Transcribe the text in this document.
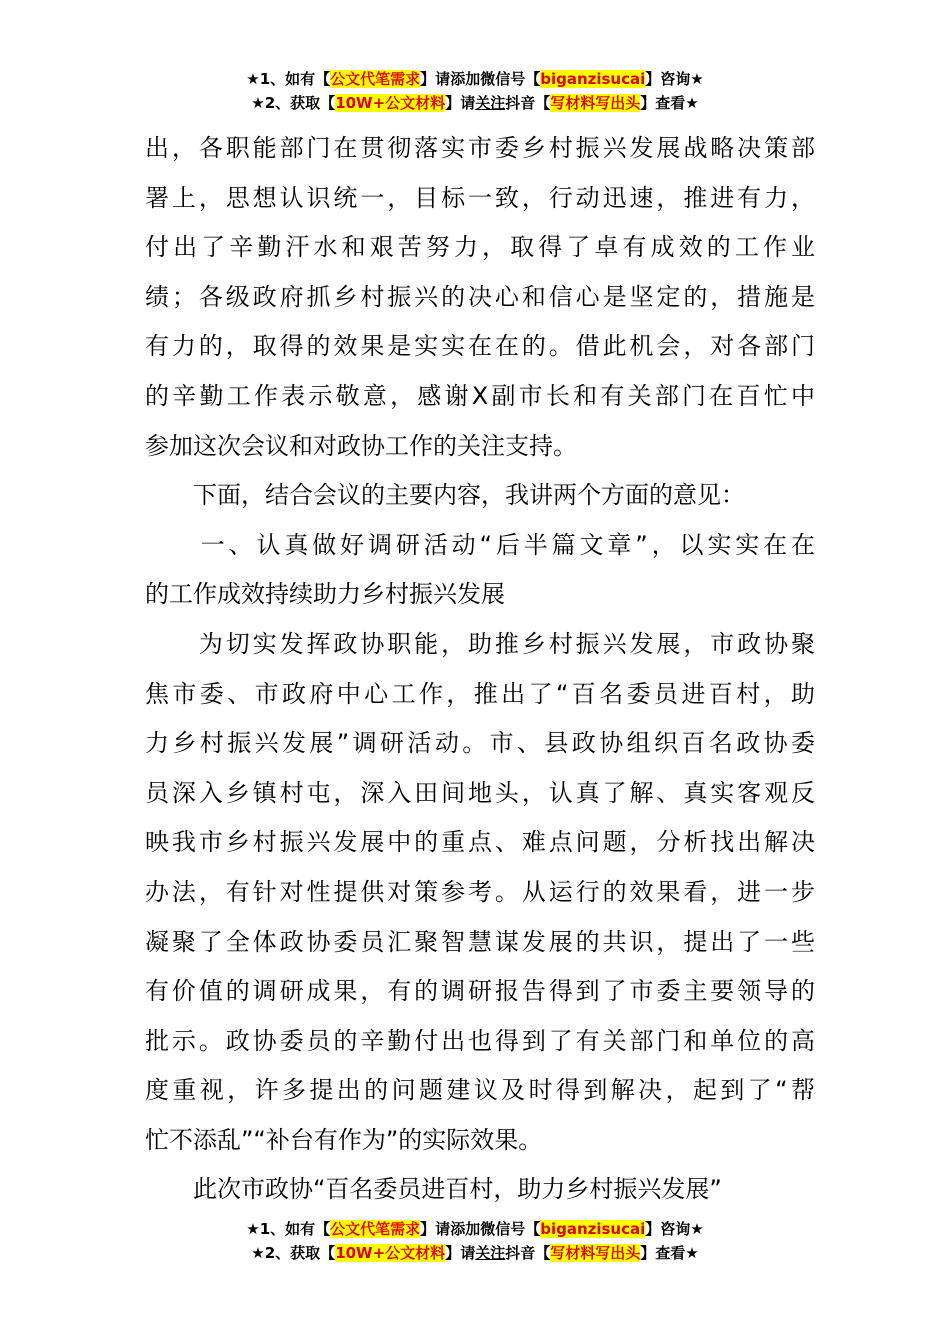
★1、如有【公文代笔需求】请添加微信号【biganzisucai】咨询★
★2、获取【10W+公文材料】请关注抖音【写材料写出头】查看★
出，各职能部门在贯彻落实市委乡村振兴发展战略决策部
署上，思想认识统一，目标一致，行动迅速，推进有力，
付出了辛勤汗水和艰苦努力，取得了卓有成效的工作业
绩；各级政府抓乡村振兴的决心和信心是坚定的，措施是
有力的，取得的效果是实实在在的。借此机会，对各部门
的辛勤工作表示敬意，感谢X副市长和有关部门在百忙中
参加这次会议和对政协工作的关注支持。
　　下面，结合会议的主要内容，我讲两个方面的意见：
　　一、认真做好调研活动“后半篇文章”，以实实在在
的工作成效持续助力乡村振兴发展
　　为切实发挥政协职能，助推乡村振兴发展，市政协聚
焦市委、市政府中心工作，推出了“百名委员进百村，助
力乡村振兴发展”调研活动。市、县政协组织百名政协委
员深入乡镇村屯，深入田间地头，认真了解、真实客观反
映我市乡村振兴发展中的重点、难点问题，分析找出解决
办法，有针对性提供对策参考。从运行的效果看，进一步
凝聚了全体政协委员汇聚智慧谋发展的共识，提出了一些
有价值的调研成果，有的调研报告得到了市委主要领导的
批示。政协委员的辛勤付出也得到了有关部门和单位的高
度重视，许多提出的问题建议及时得到解决，起到了“帮
忙不添乱”“补台有作为”的实际效果。
　　此次市政协“百名委员进百村，助力乡村振兴发展”
★1、如有【公文代笔需求】请添加微信号【biganzisucai】咨询★
★2、获取【10W+公文材料】请关注抖音【写材料写出头】查看★
